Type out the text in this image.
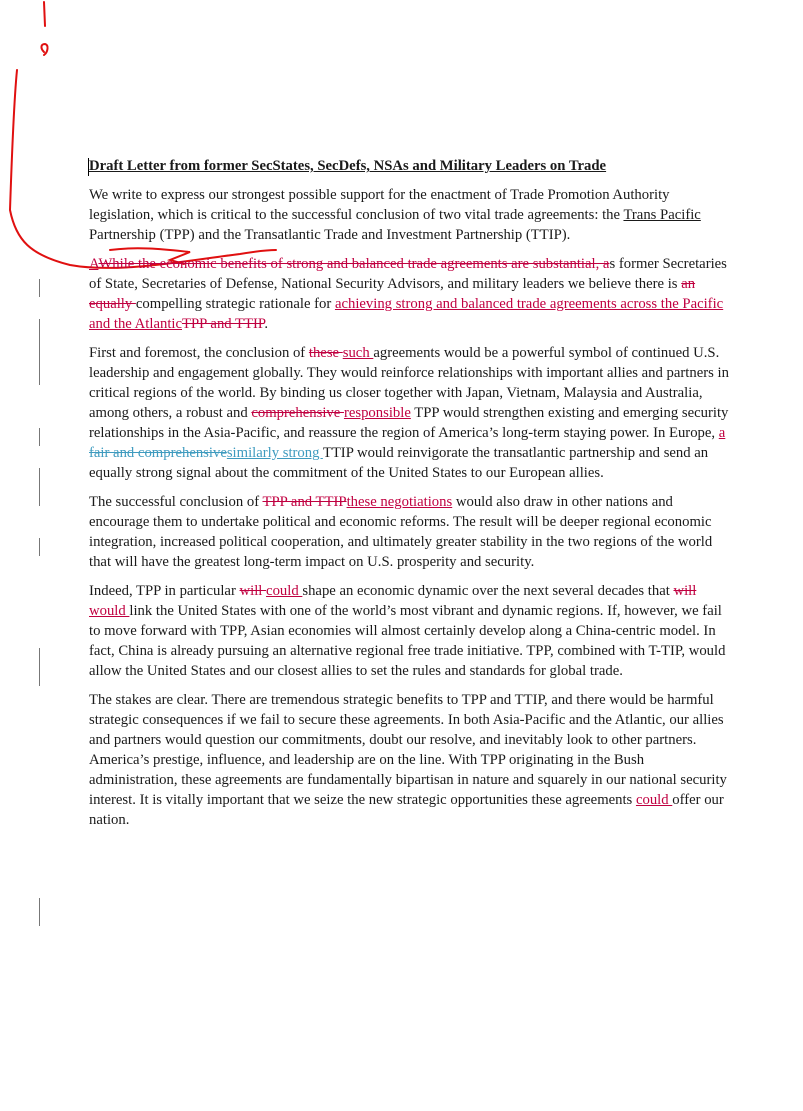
Draft Letter from former SecStates, SecDefs, NSAs and Military Leaders on Trade

We write to express our strongest possible support for the enactment of Trade Promotion Authority legislation, which is critical to the successful conclusion of two vital trade agreements: the Trans Pacific Partnership (TPP) and the Transatlantic Trade and Investment Partnership (TTIP).

AWhile the economic benefits of strong and balanced trade agreements are substantial, as former Secretaries of State, Secretaries of Defense, National Security Advisors, and military leaders we believe there is an equally compelling strategic rationale for achieving strong and balanced trade agreements across the Pacific and the AtlanticTPP and TTIP.

First and foremost, the conclusion of these such agreements would be a powerful symbol of continued U.S. leadership and engagement globally. They would reinforce relationships with important allies and partners in critical regions of the world. By binding us closer together with Japan, Vietnam, Malaysia and Australia, among others, a robust and comprehensive responsible TPP would strengthen existing and emerging security relationships in the Asia-Pacific, and reassure the region of America’s long-term staying power. In Europe, a fair and comprehensivesimilarly strong TTIP would reinvigorate the transatlantic partnership and send an equally strong signal about the commitment of the United States to our European allies.

The successful conclusion of TPP and TTIPthese negotiations would also draw in other nations and encourage them to undertake political and economic reforms. The result will be deeper regional economic integration, increased political cooperation, and ultimately greater stability in the two regions of the world that will have the greatest long-term impact on U.S. prosperity and security.

Indeed, TPP in particular will could shape an economic dynamic over the next several decades that will would link the United States with one of the world’s most vibrant and dynamic regions. If, however, we fail to move forward with TPP, Asian economies will almost certainly develop along a China-centric model. In fact, China is already pursuing an alternative regional free trade initiative. TPP, combined with T-TIP, would allow the United States and our closest allies to set the rules and standards for global trade.

The stakes are clear. There are tremendous strategic benefits to TPP and TTIP, and there would be harmful strategic consequences if we fail to secure these agreements. In both Asia-Pacific and the Atlantic, our allies and partners would question our commitments, doubt our resolve, and inevitably look to other partners. America’s prestige, influence, and leadership are on the line. With TPP originating in the Bush administration, these agreements are fundamentally bipartisan in nature and squarely in our national security interest. It is vitally important that we seize the new strategic opportunities these agreements could offer our nation.
